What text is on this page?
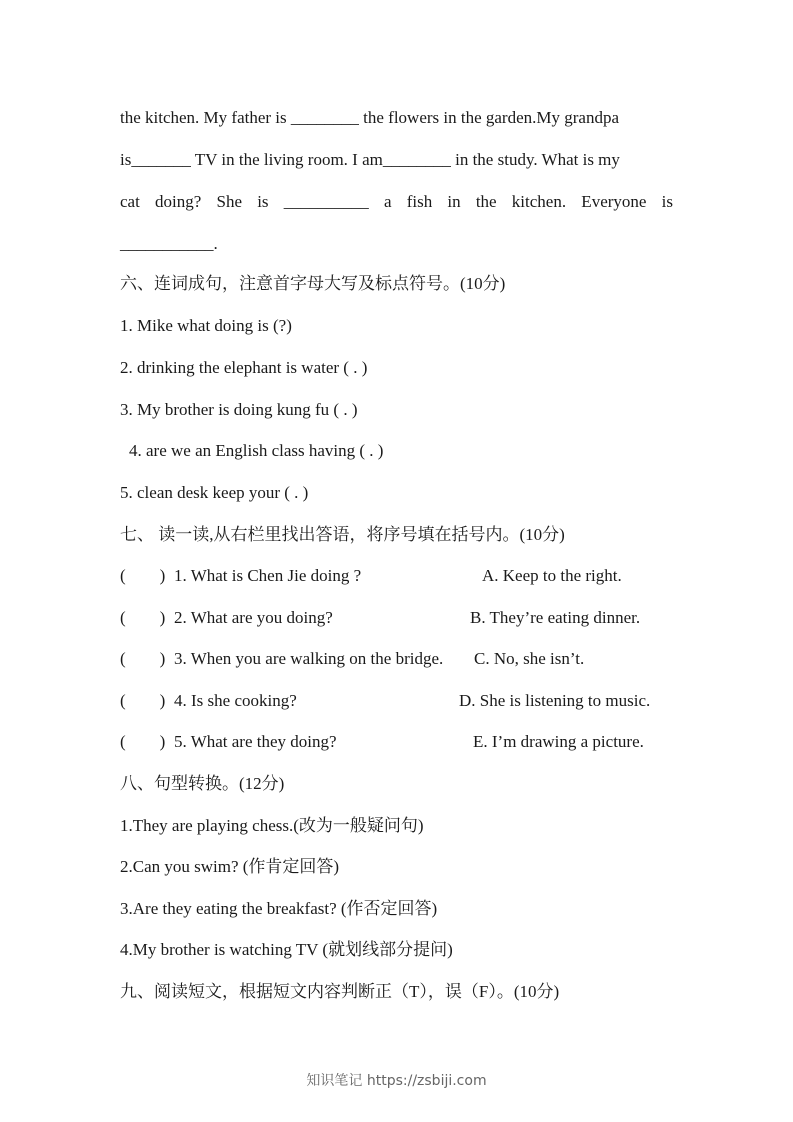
the kitchen. My father is ________ the flowers in the garden.My grandpa
is_______ TV in the living room. I am________ in the study. What is my
cat doing? She is __________ a fish in the kitchen. Everyone is
___________.
六、连词成句，注意首字母大写及标点符号。(10分)
1. Mike what doing is (?)
2. drinking the elephant is water ( . )
3. My brother is doing kung fu ( . )
4. are we an English class having ( . )
5. clean desk keep your ( . )
七、 读一读,从右栏里找出答语，将序号填在括号内。(10分)
(　　) 1. What is Chen Jie doing ?	A. Keep to the right.
(　　) 2. What are you doing?	B. They’re eating dinner.
(　　) 3. When you are walking on the bridge. C. No, she isn’t.
(　　) 4. Is she cooking?	D. She is listening to music.
(　　) 5. What are they doing?	E. I’m drawing a picture.
八、句型转换。(12分)
1.They are playing chess.(改为一般疑问句)
2.Can you swim? (作肯定回答)
3.Are they eating the breakfast? (作否定回答)
4.My brother is watching TV (就划线部分提问)
九、阅读短文，根据短文内容判断正（T），误（F）。(10分)
知识笔记 https://zsbiji.com
